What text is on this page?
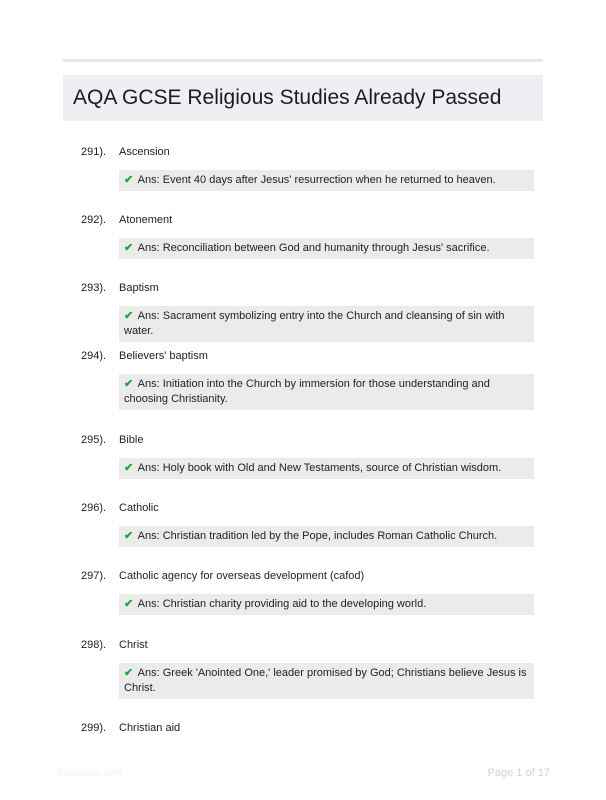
AQA GCSE Religious Studies Already Passed
291). Ascension
✔ Ans: Event 40 days after Jesus' resurrection when he returned to heaven.
292). Atonement
✔ Ans: Reconciliation between God and humanity through Jesus' sacrifice.
293). Baptism
✔ Ans: Sacrament symbolizing entry into the Church and cleansing of sin with water.
294). Believers' baptism
✔ Ans: Initiation into the Church by immersion for those understanding and choosing Christianity.
295). Bible
✔ Ans: Holy book with Old and New Testaments, source of Christian wisdom.
296). Catholic
✔ Ans: Christian tradition led by the Pope, includes Roman Catholic Church.
297). Catholic agency for overseas development (cafod)
✔ Ans: Christian charity providing aid to the developing world.
298). Christ
✔ Ans: Greek 'Anointed One,' leader promised by God; Christians believe Jesus is Christ.
299). Christian aid
Paperbbc.com	Page 1 of 17
